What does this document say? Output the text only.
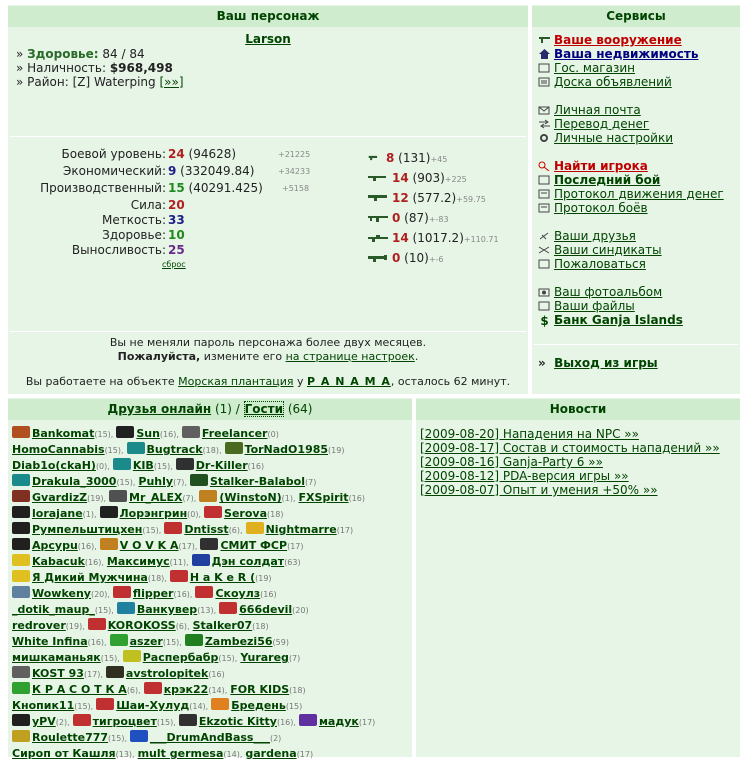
Ваш персонаж
Larson
» Здоровье: 84 / 84
» Наличность: $968,498
» Район: [Z] Waterping [»»]
Боевой уровень: 24 (94628)	+21225
Экономический: 9 (332049.84)	+34233
Производственный: 15 (40291.425) +5158
Сила: 20
Меткость: 33
Здоровье: 10
Выносливость: 25
сброс
8 (131)+45
14 (903)+225
12 (577.2)+59.75
0 (87)+-83
14 (1017.2)+110.71
0 (10)+-6
Вы не меняли пароль персонажа более двух месяцев.
Пожалуйста, измените его на странице настроек.
Вы работаете на объекте Морская плантация у P A N A M A, осталось 62 минут.
Сервисы
Ваше вооружение
Ваша недвижимость
Гос. магазин
Доска объявлений
Личная почта
Перевод денег
Личные настройки
Найти игрока
Последний бой
Протокол движения денег
Протокол боёв
Ваши друзья
Ваши синдикаты
Пожаловаться
Ваш фотоальбом
Ваши файлы
$ Банк Ganja Islands
» Выход из игры
Друзья онлайн (1) / Гости (64)
Bankomat(15), Sun(16), Freelancer(0)
HomoCannabis(15), Bugtrack(18), TorNadO1985(19)
Diab1o(ckaH)(0), KIB(15), Dr-Killer(16)
Drakula_3000(15), Puhly(7), Stalker-Balabol(7)
GvardizZ(19), Mr_ALEX(7), (WinstoN)(1), FXSpirit(16)
lorajane(1), Лорэнгрин(0), Serova(18)
Румпельштицхен(15), Dntisst(6), Nightmarre(17)
Арсуpu(16), V O V K A(17), СМИТ ФСР(17)
Kabacuk(16), Максимус(11), Дэн солдат(63)
Я Дикий Мужчина(18), H a K e R ((19)
Wowkeny(20), flipper(16), Скоулз(16)
_dotik_maup_(15), Ванкувер(13), 666devil(20)
redrover(19), KOROKOSS(6), Stalker07(18)
White Infina(16), aszer(15), Zambezi56(59)
мишкаманьяк(15), Распербабр(15), Yurareg(7)
KOST 93(17), avstrolopitek(16)
К Р А С О Т К А(6), крэк22(14), FOR KIDS(18)
Кнопик11(15), Шаи-Хулуд(14), Бредень(15)
yPV(2), тигроцвет(15), Ekzotic Kitty(16), мадук(17)
Roulette777(15), ___DrumAndBass___(2)
Сироп от Кашля(13), mult germesa(14), gardena(17)
Новости
[2009-08-20] Нападения на NPC »»
[2009-08-17] Состав и стоимость нападений »»
[2009-08-16] Ganja-Party 6 »»
[2009-08-12] PDA-версия игры »»
[2009-08-07] Опыт и умения +50% »»
